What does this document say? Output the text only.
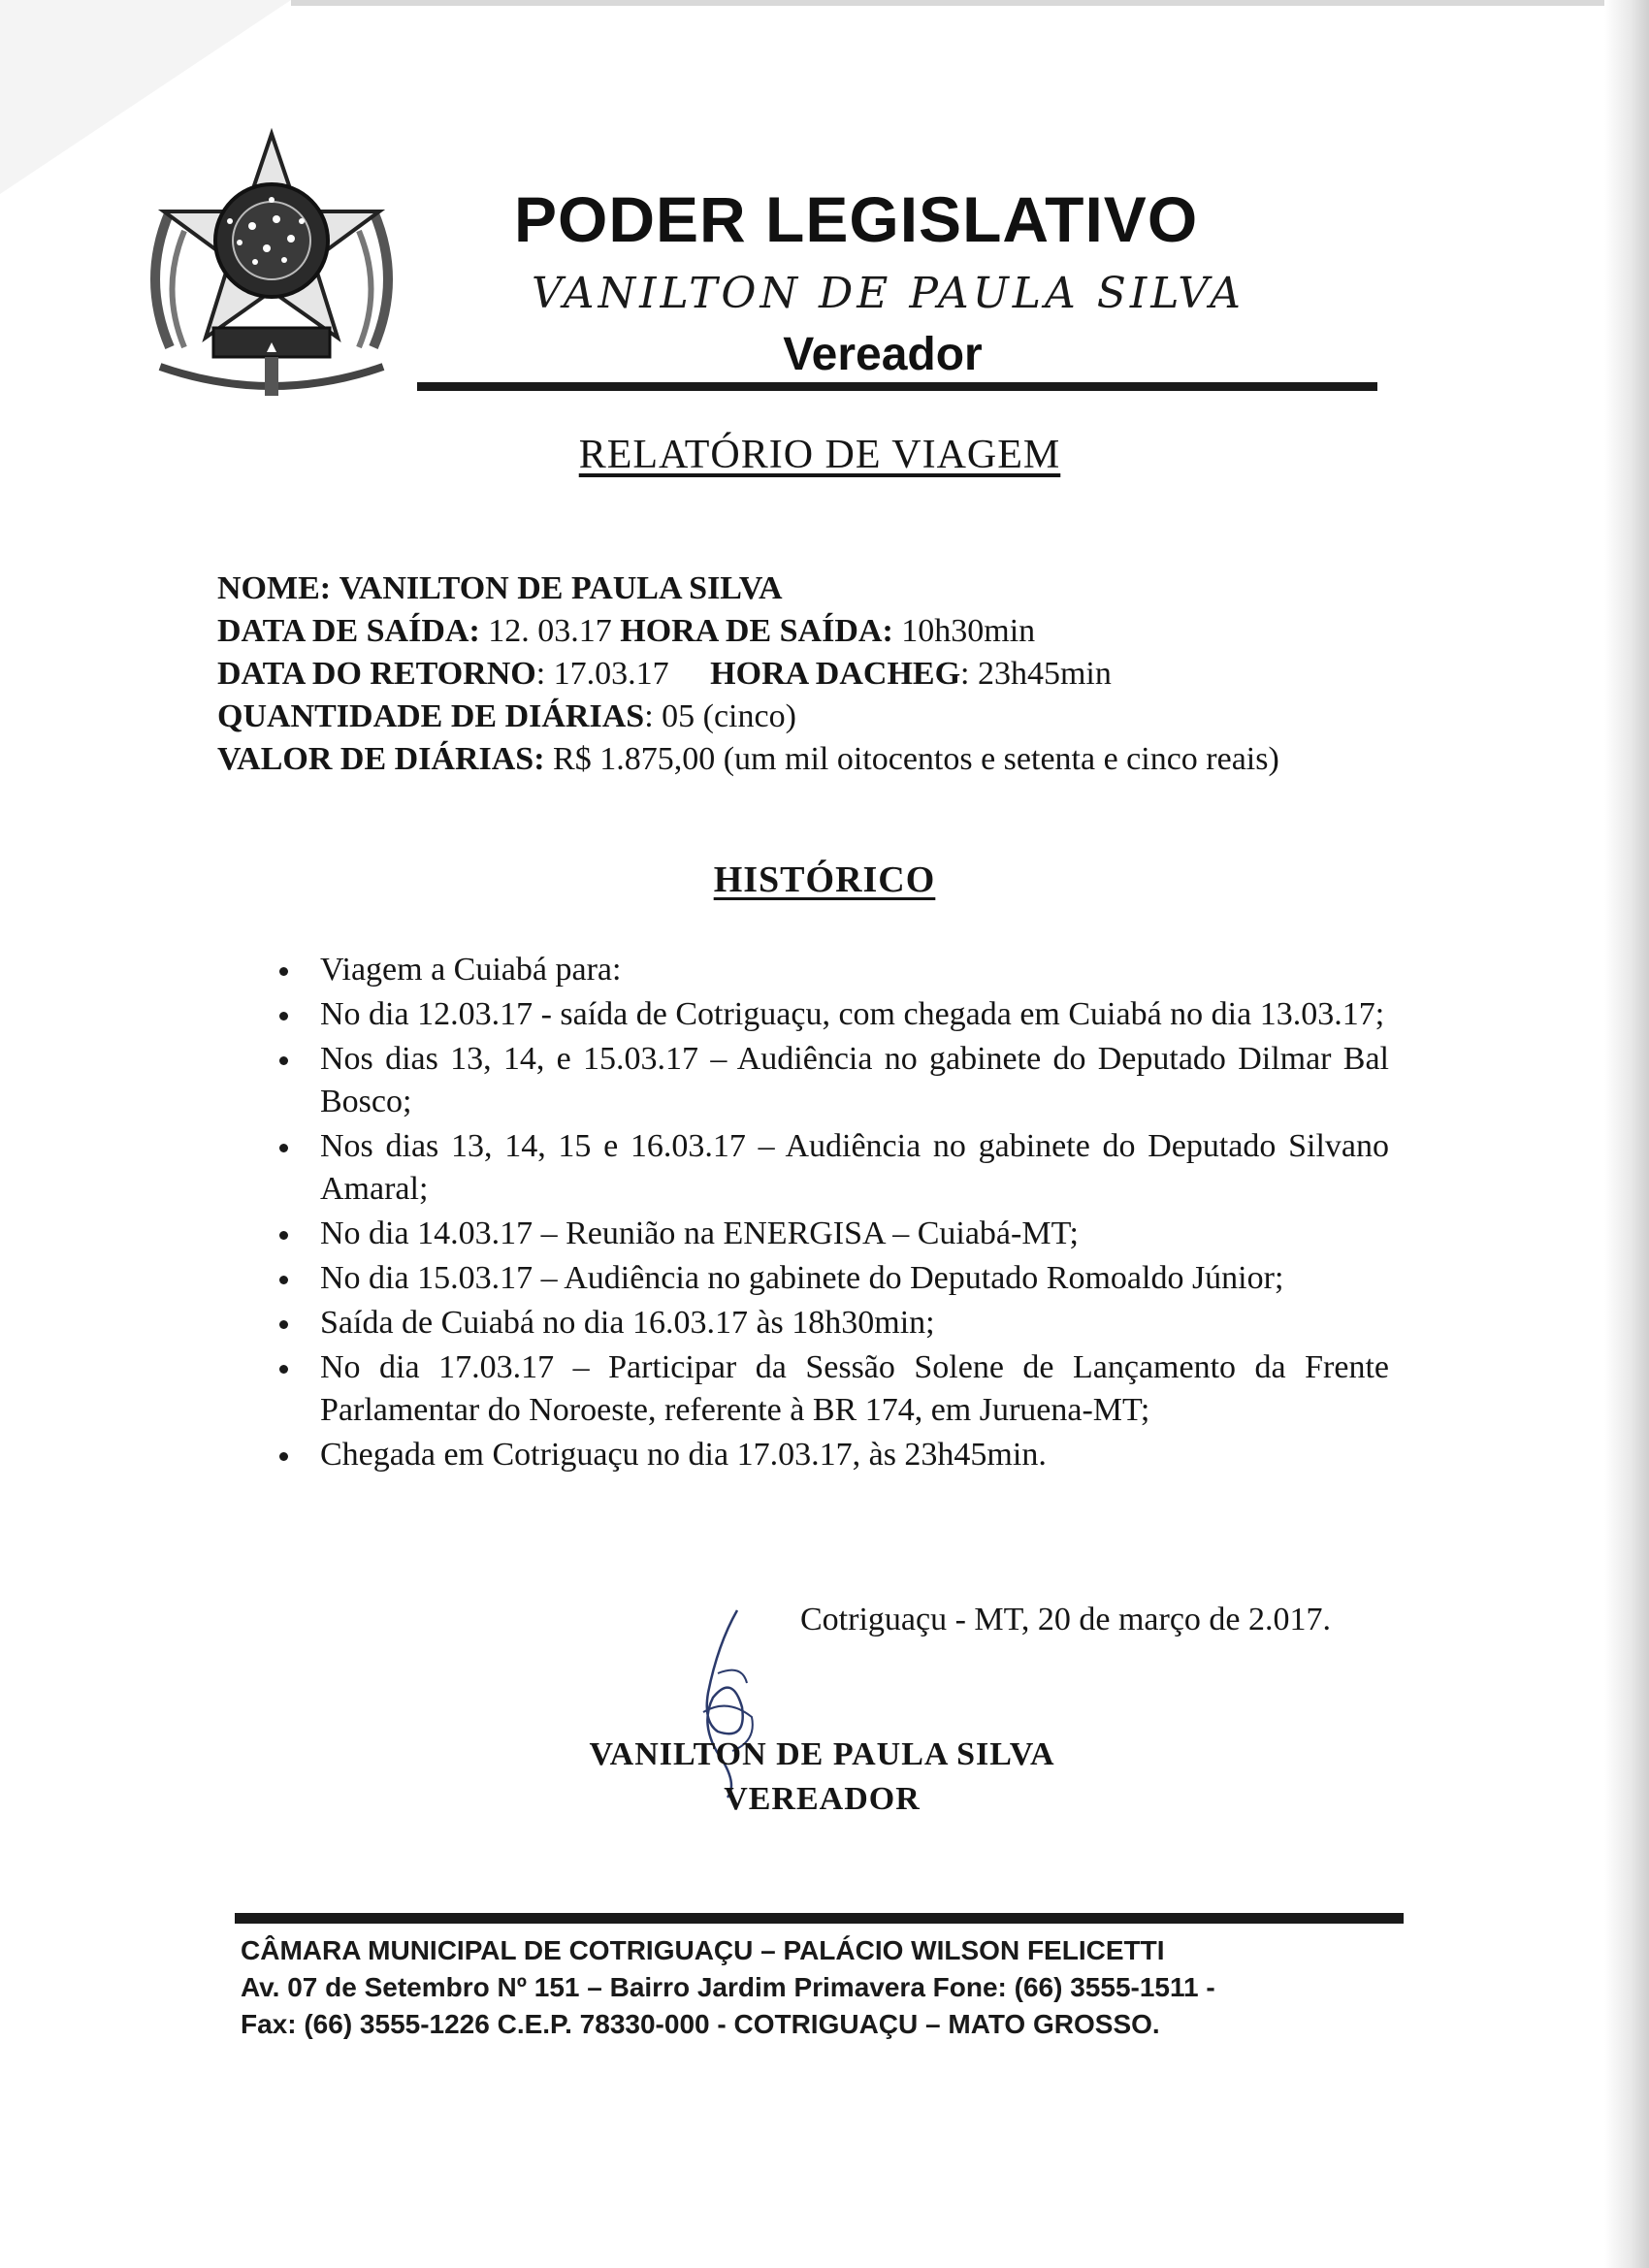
PODER LEGISLATIVO
VANILTON DE PAULA SILVA
Vereador
RELATÓRIO DE VIAGEM
NOME: VANILTON DE PAULA SILVA
DATA DE SAÍDA: 12. 03.17 HORA DE SAÍDA: 10h30min
DATA DO RETORNO: 17.03.17 HORA DACHEG: 23h45min
QUANTIDADE DE DIÁRIAS: 05 (cinco)
VALOR DE DIÁRIAS: R$ 1.875,00 (um mil oitocentos e setenta e cinco reais)
HISTÓRICO
Viagem a Cuiabá para:
No dia 12.03.17 - saída de Cotriguaçu, com chegada em Cuiabá no dia 13.03.17;
Nos dias 13, 14, e 15.03.17 – Audiência no gabinete do Deputado Dilmar Bal Bosco;
Nos dias 13, 14, 15 e 16.03.17 – Audiência no gabinete do Deputado Silvano Amaral;
No dia 14.03.17 – Reunião na ENERGISA – Cuiabá-MT;
No dia 15.03.17 – Audiência no gabinete do Deputado Romoaldo Júnior;
Saída de Cuiabá no dia 16.03.17 às 18h30min;
No dia 17.03.17 – Participar da Sessão Solene de Lançamento da Frente Parlamentar do Noroeste, referente à BR 174, em Juruena-MT;
Chegada em Cotriguaçu no dia 17.03.17, às 23h45min.
Cotriguaçu - MT, 20 de março de 2.017.
VANILTON DE PAULA SILVA
VEREADOR
CÂMARA MUNICIPAL DE COTRIGUAÇU – PALÁCIO WILSON FELICETTI
Av. 07 de Setembro Nº 151 – Bairro Jardim Primavera Fone: (66) 3555-1511 -
Fax: (66) 3555-1226 C.E.P. 78330-000 - COTRIGUAÇU – MATO GROSSO.
